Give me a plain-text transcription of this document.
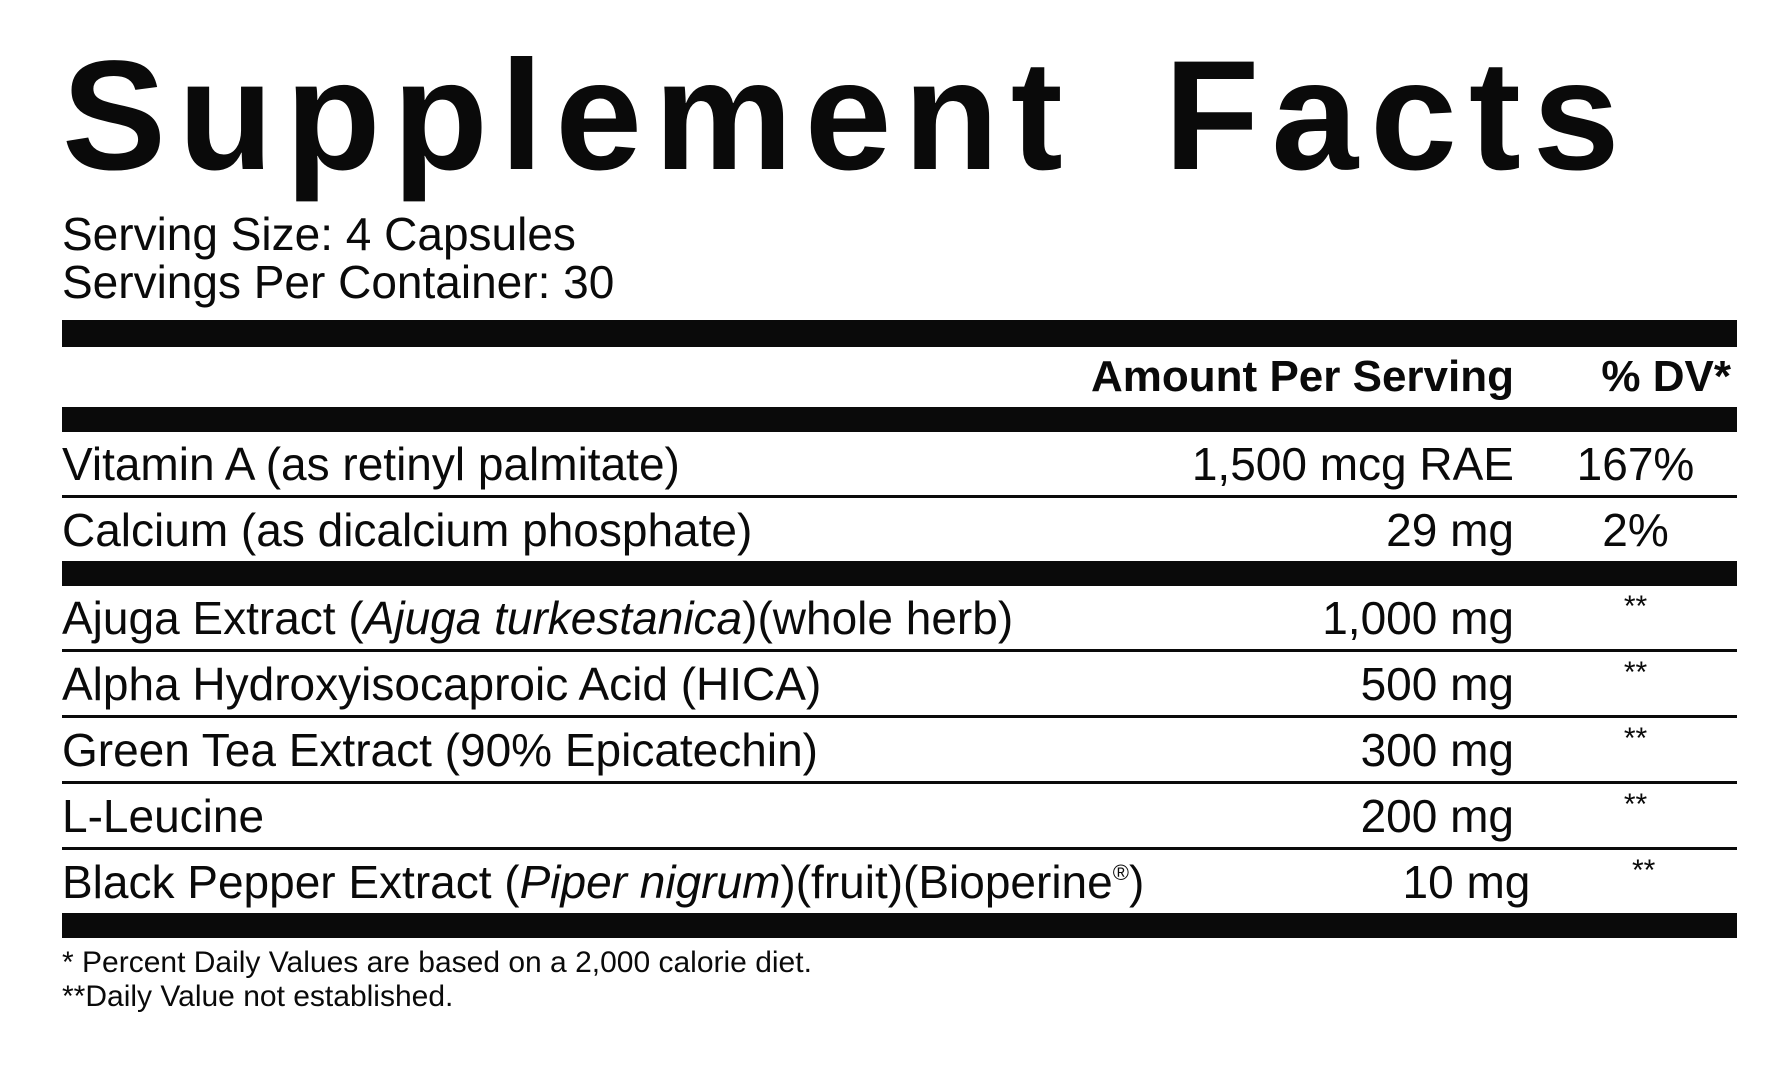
Supplement Facts
Serving Size: 4 Capsules
Servings Per Container: 30
Amount Per Serving	% DV*
Vitamin A (as retinyl palmitate)	1,500 mcg RAE	167%
Calcium (as dicalcium phosphate)	29 mg	2%
Ajuga Extract (Ajuga turkestanica)(whole herb)	1,000 mg	**
Alpha Hydroxyisocaproic Acid (HICA)	500 mg	**
Green Tea Extract (90% Epicatechin)	300 mg	**
L-Leucine	200 mg	**
Black Pepper Extract (Piper nigrum)(fruit)(Bioperine®)	10 mg	**
* Percent Daily Values are based on a 2,000 calorie diet.
**Daily Value not established.
